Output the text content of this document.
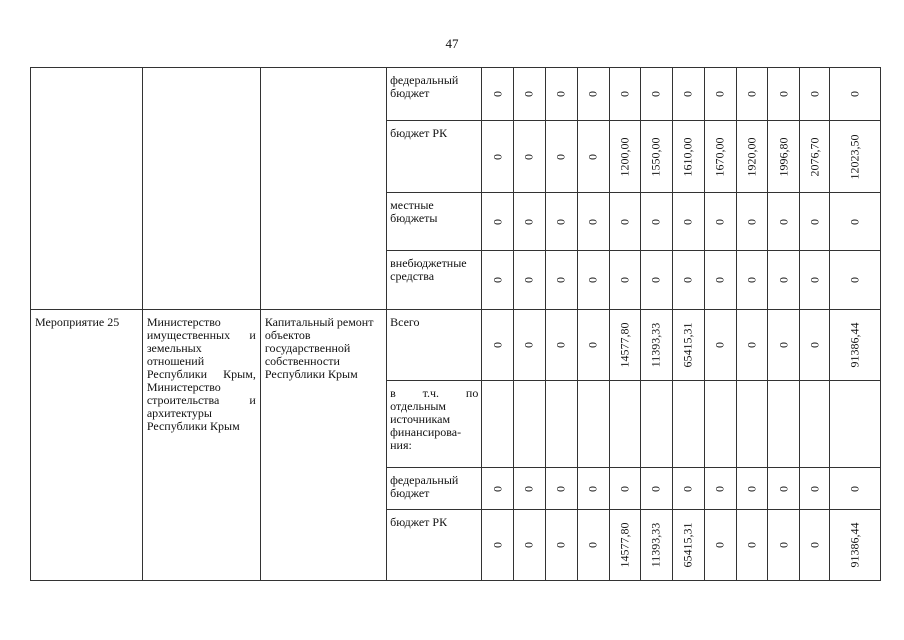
47

			федеральный бюджет	0	0	0	0	0	0	0	0	0	0	0	0

			бюджет РК	0	0	0	0	1200,00	1550,00	1610,00	1670,00	1920,00	1996,80	2076,70	12023,50

			местные бюджеты	0	0	0	0	0	0	0	0	0	0	0	0

			внебюджетные средства	0	0	0	0	0	0	0	0	0	0	0	0

Мероприятие 25	Министерство имущественных и земельных отношений Республики Крым, Министерство строительства и архитектуры Республики Крым	Капитальный ремонт объектов государственной собственности Республики Крым	Всего	0	0	0	0	14577,80	11393,33	65415,31	0	0	0	0	91386,44

			в т.ч. по отдельным источникам финансирова-ния:												

			федеральный бюджет	0	0	0	0	0	0	0	0	0	0	0	0

			бюджет РК	0	0	0	0	14577,80	11393,33	65415,31	0	0	0	0	91386,44
